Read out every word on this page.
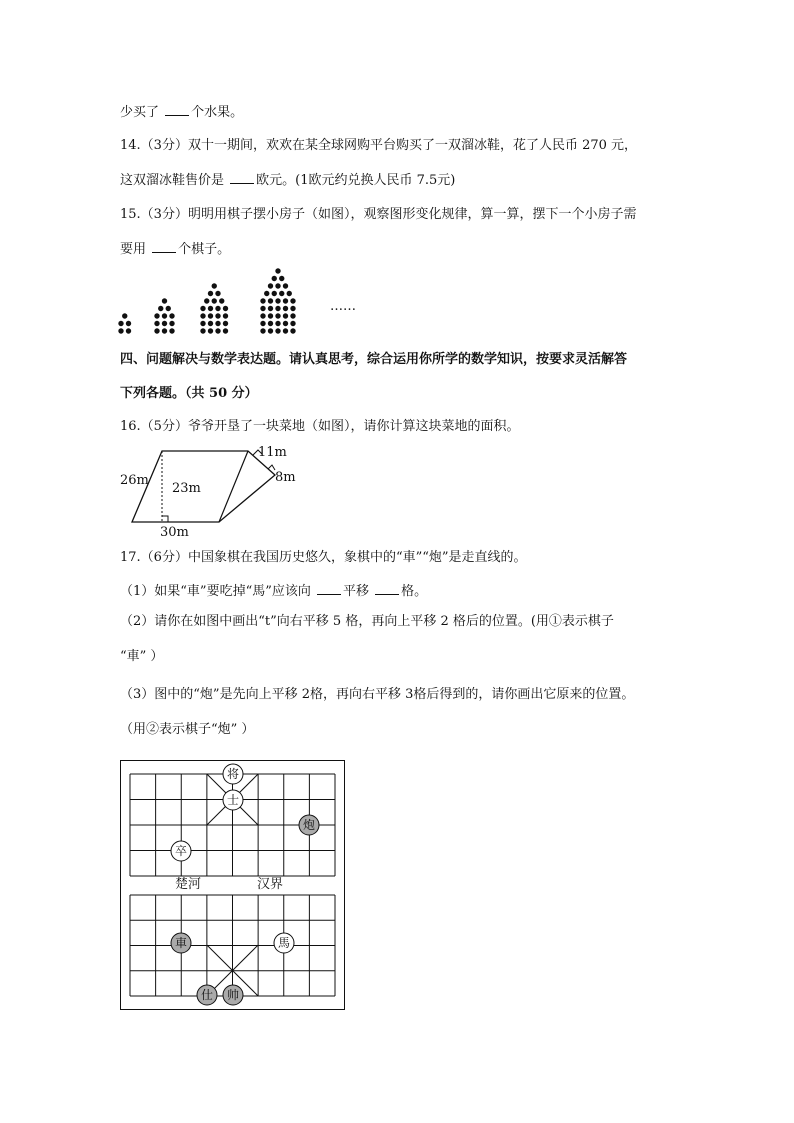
少买了 个水果。
14.（3分）双十一期间，欢欢在某全球网购平台购买了一双溜冰鞋，花了人民币 270 元，
这双溜冰鞋售价是 欧元。(1欧元约兑换人民币 7.5元)
15.（3分）明明用棋子摆小房子（如图），观察图形变化规律，算一算，摆下一个小房子需
要用 个棋子。
……
四、问题解决与数学表达题。请认真思考，综合运用你所学的数学知识，按要求灵活解答
下列各题。（共 50 分）
16.（5分）爷爷开垦了一块菜地（如图），请你计算这块菜地的面积。
26m
23m
11m
8m
30m
17.（6分）中国象棋在我国历史悠久，象棋中的“車”“炮”是走直线的。
（1）如果“車”要吃掉“馬”应该向 平移 格。
（2）请你在如图中画出“t”向右平移 5 格，再向上平移 2 格后的位置。(用①表示棋子
“車” ）
（3）图中的“炮”是先向上平移 2格，再向右平移 3格后得到的，请你画出它原来的位置。
（用②表示棋子“炮” ）
楚河	汉界
将
士
炮
卒
車	馬
仕 帅
